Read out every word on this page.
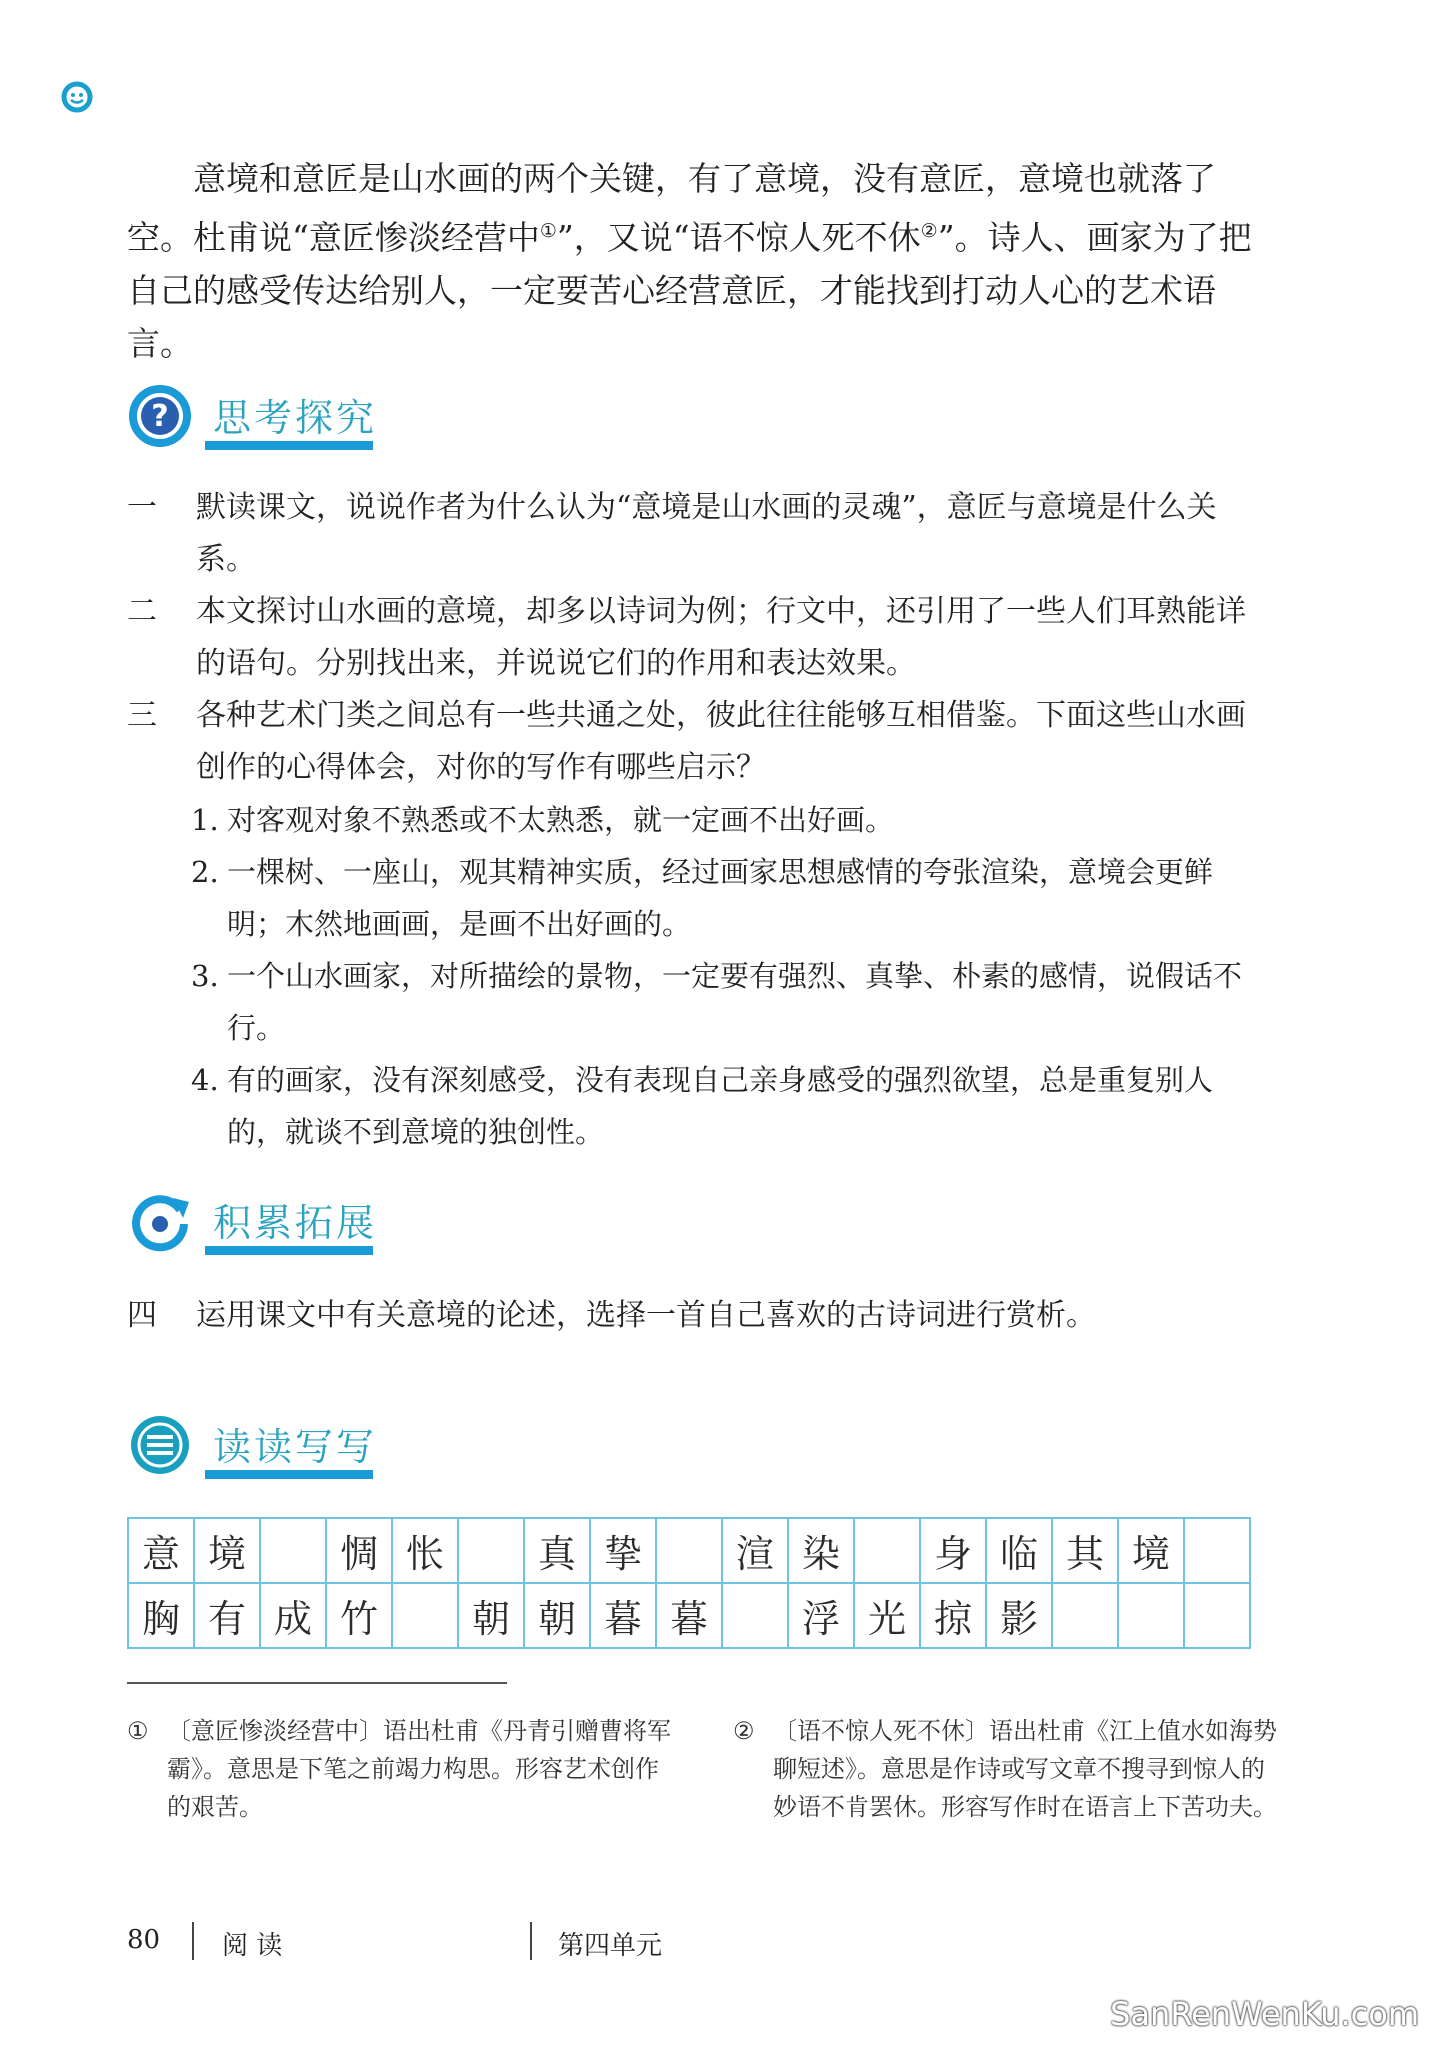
意境和意匠是山水画的两个关键，有了意境，没有意匠，意境也就落了空。杜甫说“意匠惨淡经营中①”，又说“语不惊人死不休②”。诗人、画家为了把自己的感受传达给别人，一定要苦心经营意匠，才能找到打动人心的艺术语言。

? 思考探究
一 默读课文，说说作者为什么认为“意境是山水画的灵魂”，意匠与意境是什么关系。
二 本文探讨山水画的意境，却多以诗词为例；行文中，还引用了一些人们耳熟能详的语句。分别找出来，并说说它们的作用和表达效果。
三 各种艺术门类之间总有一些共通之处，彼此往往能够互相借鉴。下面这些山水画创作的心得体会，对你的写作有哪些启示？
1. 对客观对象不熟悉或不太熟悉，就一定画不出好画。
2. 一棵树、一座山，观其精神实质，经过画家思想感情的夸张渲染，意境会更鲜明；木然地画画，是画不出好画的。
3. 一个山水画家，对所描绘的景物，一定要有强烈、真挚、朴素的感情，说假话不行。
4. 有的画家，没有深刻感受，没有表现自己亲身感受的强烈欲望，总是重复别人的，就谈不到意境的独创性。
积累拓展
四 运用课文中有关意境的论述，选择一首自己喜欢的古诗词进行赏析。
读读写写
意	境		惆	怅		真	挚		渲	染		身	临	其	境	
胸	有	成	竹		朝	朝	暮	暮		浮	光	掠	影			
① 〔意匠惨淡经营中〕语出杜甫《丹青引赠曹将军霸》。意思是下笔之前竭力构思。形容艺术创作的艰苦。
② 〔语不惊人死不休〕语出杜甫《江上值水如海势聊短述》。意思是作诗或写文章不搜寻到惊人的妙语不肯罢休。形容写作时在语言上下苦功夫。
80 阅 读	第四单元
SanRenWenKu.com
